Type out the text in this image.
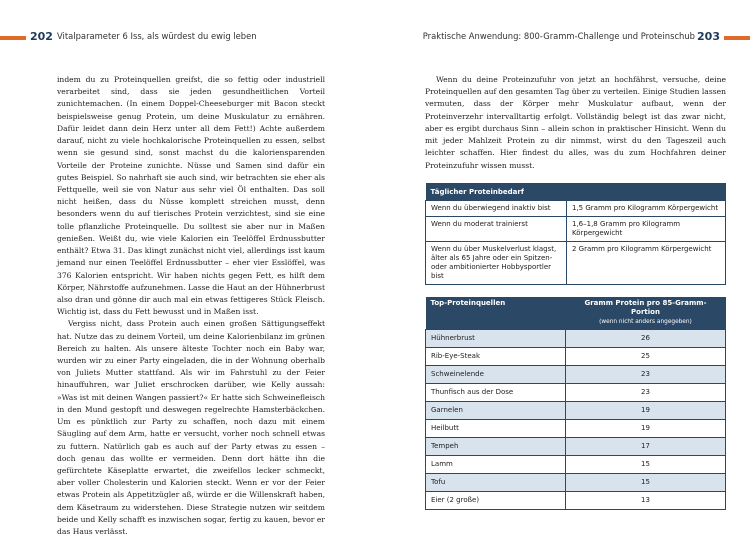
202 Vitalparameter 6 Iss, als würdest du ewig leben	Praktische Anwendung: 800-Gramm-Challenge und Proteinschub 203

indem du zu Proteinquellen greifst, die so fettig oder industriell verarbeitet sind, dass sie jeden gesundheitlichen Vorteil zunichtemachen. (In einem Doppel-Cheeseburger mit Bacon steckt beispielsweise genug Protein, um deine Muskulatur zu ernähren. Dafür leidet dann dein Herz unter all dem Fett!) Achte außerdem darauf, nicht zu viele hochkalorische Proteinquellen zu essen, selbst wenn sie gesund sind, sonst machst du die kaloriensparenden Vorteile der Proteine zunichte. Nüsse und Samen sind dafür ein gutes Beispiel. So nahrhaft sie auch sind, wir betrachten sie eher als Fettquelle, weil sie von Natur aus sehr viel Öl enthalten. Das soll nicht heißen, dass du Nüsse komplett streichen musst, denn besonders wenn du auf tierisches Protein verzichtest, sind sie eine tolle pflanzliche Proteinquelle. Du solltest sie aber nur in Maßen genießen. Weißt du, wie viele Kalorien ein Teelöffel Erdnussbutter enthält? Etwa 31. Das klingt zunächst nicht viel, allerdings isst kaum jemand nur einen Teelöffel Erdnussbutter – eher vier Esslöffel, was 376 Kalorien entspricht. Wir haben nichts gegen Fett, es hilft dem Körper, Nährstoffe aufzunehmen. Lasse die Haut an der Hühnerbrust also dran und gönne dir auch mal ein etwas fettigeres Stück Fleisch. Wichtig ist, dass du Fett bewusst und in Maßen isst.

Vergiss nicht, dass Protein auch einen großen Sättigungseffekt hat. Nutze das zu deinem Vorteil, um deine Kalorienbilanz im grünen Bereich zu halten. Als unsere älteste Tochter noch ein Baby war, wurden wir zu einer Party eingeladen, die in der Wohnung oberhalb von Juliets Mutter stattfand. Als wir im Fahrstuhl zu der Feier hinauffuhren, war Juliet erschrocken darüber, wie Kelly aussah: »Was ist mit deinen Wangen passiert?« Er hatte sich Schweinefleisch in den Mund gestopft und deswegen regelrechte Hamsterbäckchen. Um es pünktlich zur Party zu schaffen, noch dazu mit einem Säugling auf dem Arm, hatte er versucht, vorher noch schnell etwas zu futtern. Natürlich gab es auch auf der Party etwas zu essen – doch genau das wollte er vermeiden. Denn dort hätte ihn die gefürchtete Käseplatte erwartet, die zweifellos lecker schmeckt, aber voller Cholesterin und Kalorien steckt. Wenn er vor der Feier etwas Protein als Appetitzügler aß, würde er die Willenskraft haben, dem Käsetraum zu widerstehen. Diese Strategie nutzen wir seitdem beide und Kelly schafft es inzwischen sogar, fertig zu kauen, bevor er das Haus verlässt.

Wenn du deine Proteinzufuhr von jetzt an hochfährst, versuche, deine Proteinquellen auf den gesamten Tag über zu verteilen. Einige Studien lassen vermuten, dass der Körper mehr Muskulatur aufbaut, wenn der Proteinverzehr intervalltartig erfolgt. Vollständig belegt ist das zwar nicht, aber es ergibt durchaus Sinn – allein schon in praktischer Hinsicht. Wenn du mit jeder Mahlzeit Protein zu dir nimmst, wirst du den Tageszeil auch leichter schaffen. Hier findest du alles, was du zum Hochfahren deiner Proteinzufuhr wissen musst.

Täglicher Proteinbedarf	
Wenn du überwiegend inaktiv bist	1,5 Gramm pro Kilogramm Körpergewicht
Wenn du moderat trainierst	1,6–1,8 Gramm pro Kilogramm Körpergewicht
Wenn du über Muskelverlust klagst, älter als 65 Jahre oder ein Spitzen- oder ambitionierter Hobbysportler bist	2 Gramm pro Kilogramm Körpergewicht
Top-Proteinquellen	Gramm Protein pro 85-Gramm-Portion
(wenn nicht anders angegeben)
Hühnerbrust	26
Rib-Eye-Steak	25
Schweinelende	23
Thunfisch aus der Dose	23
Garnelen	19
Heilbutt	19
Tempeh	17
Lamm	15
Tofu	15
Eier (2 große)	13
